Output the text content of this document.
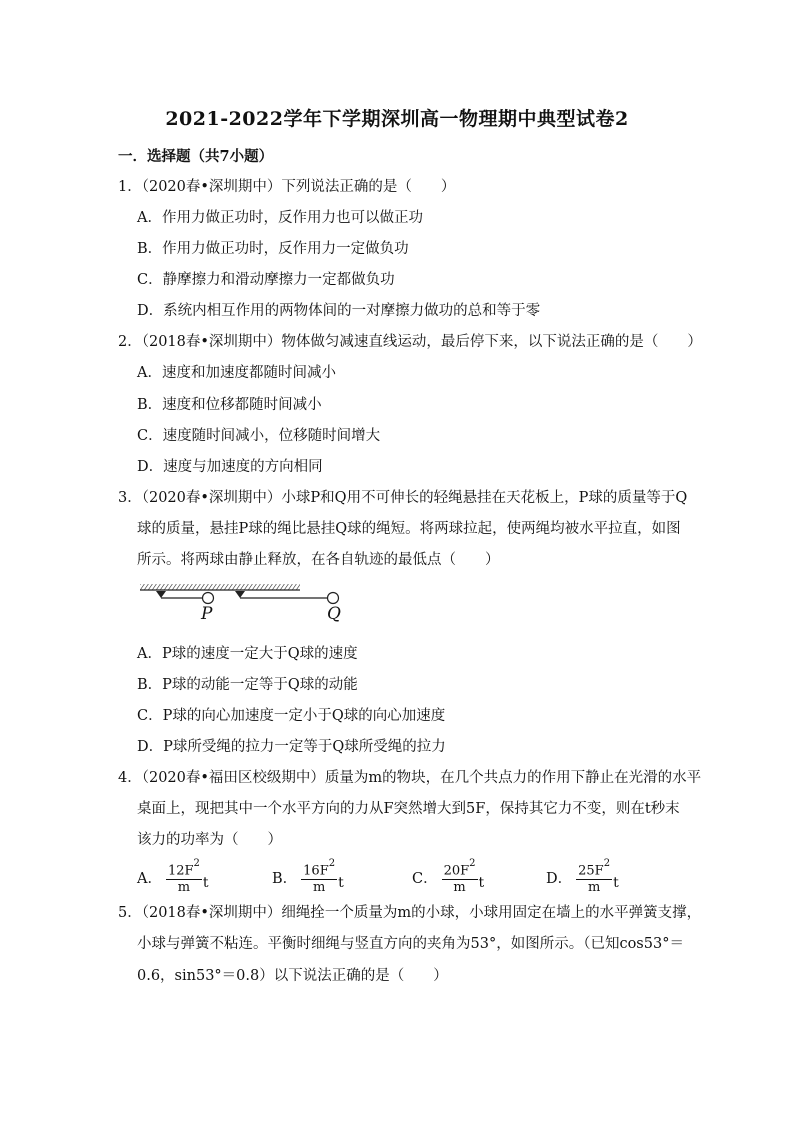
2021-2022学年下学期深圳高一物理期中典型试卷2
一．选择题（共7小题）
1．（2020春•深圳期中）下列说法正确的是（　　）
A．作用力做正功时，反作用力也可以做正功
B．作用力做正功时，反作用力一定做负功
C．静摩擦力和滑动摩擦力一定都做负功
D．系统内相互作用的两物体间的一对摩擦力做功的总和等于零
2．（2018春•深圳期中）物体做匀减速直线运动，最后停下来，以下说法正确的是（　　）
A．速度和加速度都随时间减小
B．速度和位移都随时间减小
C．速度随时间减小，位移随时间增大
D．速度与加速度的方向相同
3．（2020春•深圳期中）小球P和Q用不可伸长的轻绳悬挂在天花板上，P球的质量等于Q
球的质量，悬挂P球的绳比悬挂Q球的绳短。将两球拉起，使两绳均被水平拉直，如图
所示。将两球由静止释放，在各自轨迹的最低点（　　）
P	Q
A．P球的速度一定大于Q球的速度
B．P球的动能一定等于Q球的动能
C．P球的向心加速度一定小于Q球的向心加速度
D．P球所受绳的拉力一定等于Q球所受绳的拉力
4．（2020春•福田区校级期中）质量为m的物块，在几个共点力的作用下静止在光滑的水平
桌面上，现把其中一个水平方向的力从F突然增大到5F，保持其它力不变，则在t秒末
该力的功率为（　　）
A． $\frac{12F^2}{m}$ t	B． $\frac{16F^2}{m}$ t	C． $\frac{20F^2}{m}$ t	D． $\frac{25F^2}{m}$ t
5．（2018春•深圳期中）细绳拴一个质量为m的小球，小球用固定在墙上的水平弹簧支撑，
小球与弹簧不粘连。平衡时细绳与竖直方向的夹角为53°，如图所示。（已知cos53°＝
0.6，sin53°＝0.8）以下说法正确的是（　　）
